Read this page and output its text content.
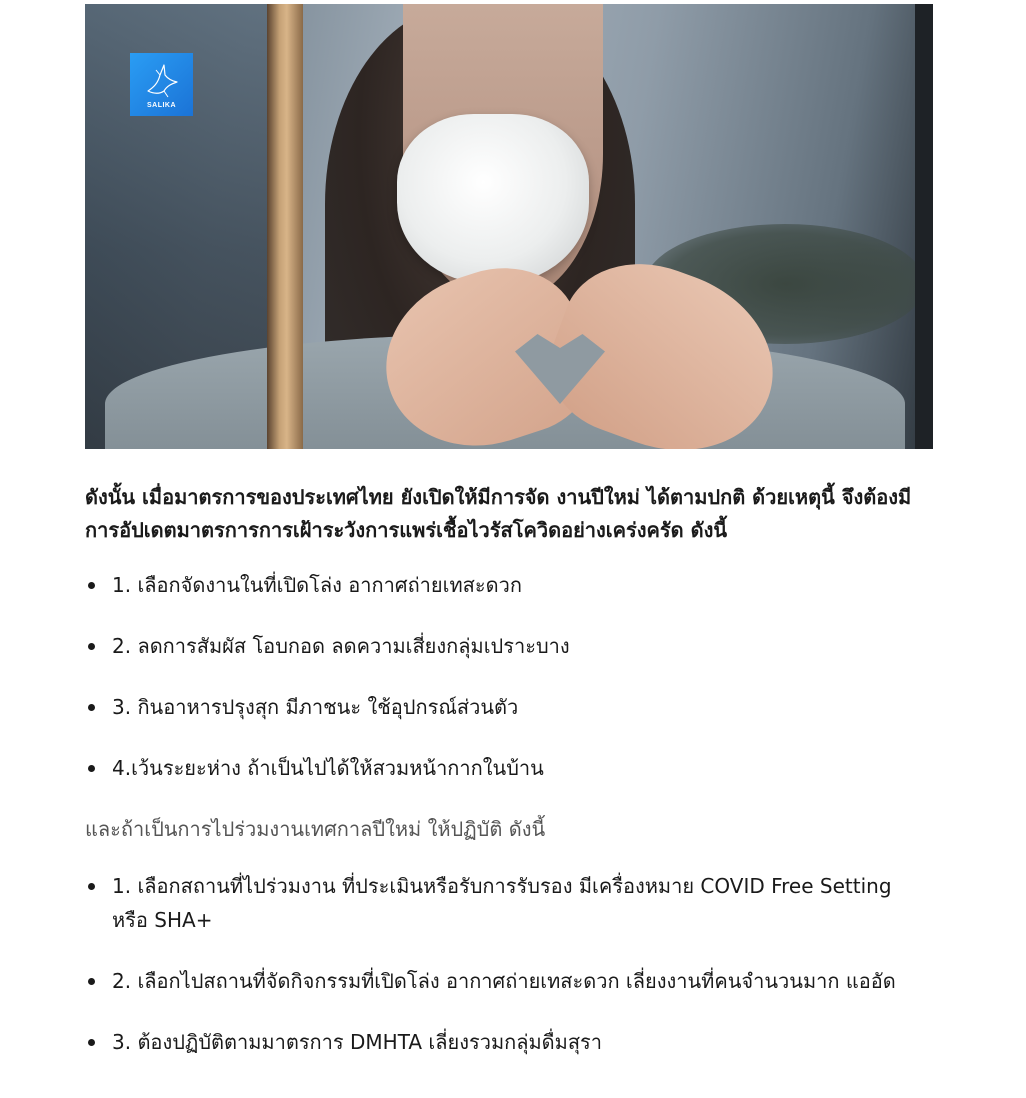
SALIKA

ดังนั้น เมื่อมาตรการของประเทศไทย ยังเปิดให้มีการจัด งานปีใหม่ ได้ตามปกติ ด้วยเหตุนี้ จึงต้องมีการอัปเดตมาตรการการเฝ้าระวังการแพร่เชื้อไวรัสโควิดอย่างเคร่งครัด ดังนี้

1. เลือกจัดงานในที่เปิดโล่ง อากาศถ่ายเทสะดวก
2. ลดการสัมผัส โอบกอด ลดความเสี่ยงกลุ่มเปราะบาง
3. กินอาหารปรุงสุก มีภาชนะ ใช้อุปกรณ์ส่วนตัว
4.เว้นระยะห่าง ถ้าเป็นไปได้ให้สวมหน้ากากในบ้าน

และถ้าเป็นการไปร่วมงานเทศกาลปีใหม่ ให้ปฏิบัติ ดังนี้

1. เลือกสถานที่ไปร่วมงาน ที่ประเมินหรือรับการรับรอง มีเครื่องหมาย COVID Free Setting หรือ SHA+
2. เลือกไปสถานที่จัดกิจกรรมที่เปิดโล่ง อากาศถ่ายเทสะดวก เลี่ยงงานที่คนจำนวนมาก แออัด
3. ต้องปฏิบัติตามมาตรการ DMHTA เลี่ยงรวมกลุ่มดื่มสุรา
